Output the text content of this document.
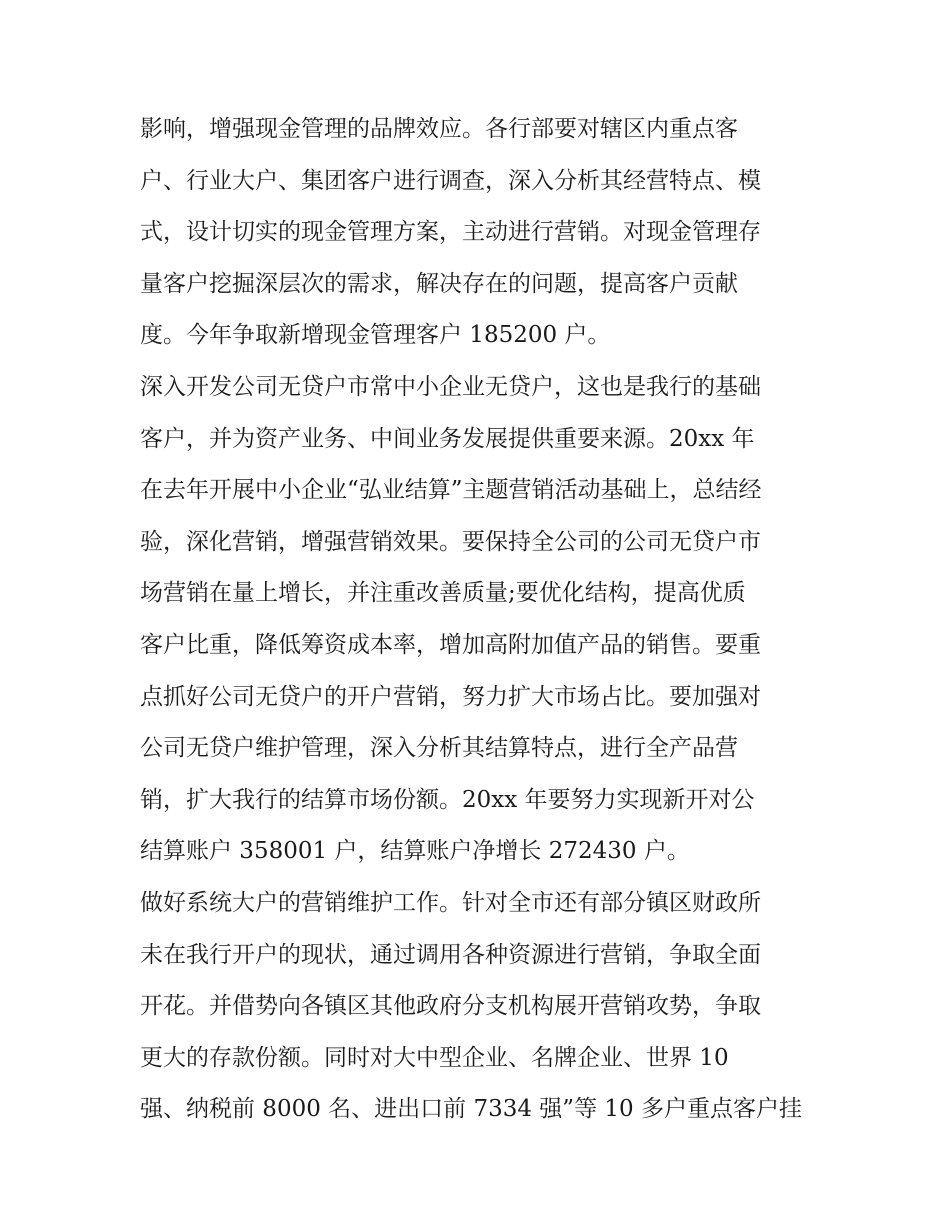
影响，增强现金管理的品牌效应。各行部要对辖区内重点客
户、行业大户、集团客户进行调查，深入分析其经营特点、模
式，设计切实的现金管理方案，主动进行营销。对现金管理存
量客户挖掘深层次的需求，解决存在的问题，提高客户贡献
度。今年争取新增现金管理客户 185200 户。
深入开发公司无贷户市常中小企业无贷户，这也是我行的基础
客户，并为资产业务、中间业务发展提供重要来源。20xx 年
在去年开展中小企业“弘业结算”主题营销活动基础上，总结经
验，深化营销，增强营销效果。要保持全公司的公司无贷户市
场营销在量上增长，并注重改善质量;要优化结构，提高优质
客户比重，降低筹资成本率，增加高附加值产品的销售。要重
点抓好公司无贷户的开户营销，努力扩大市场占比。要加强对
公司无贷户维护管理，深入分析其结算特点，进行全产品营
销，扩大我行的结算市场份额。20xx 年要努力实现新开对公
结算账户 358001 户，结算账户净增长 272430 户。
做好系统大户的营销维护工作。针对全市还有部分镇区财政所
未在我行开户的现状，通过调用各种资源进行营销，争取全面
开花。并借势向各镇区其他政府分支机构展开营销攻势，争取
更大的存款份额。同时对大中型企业、名牌企业、世界 10
强、纳税前 8000 名、进出口前 7334 强”等 10 多户重点客户挂
